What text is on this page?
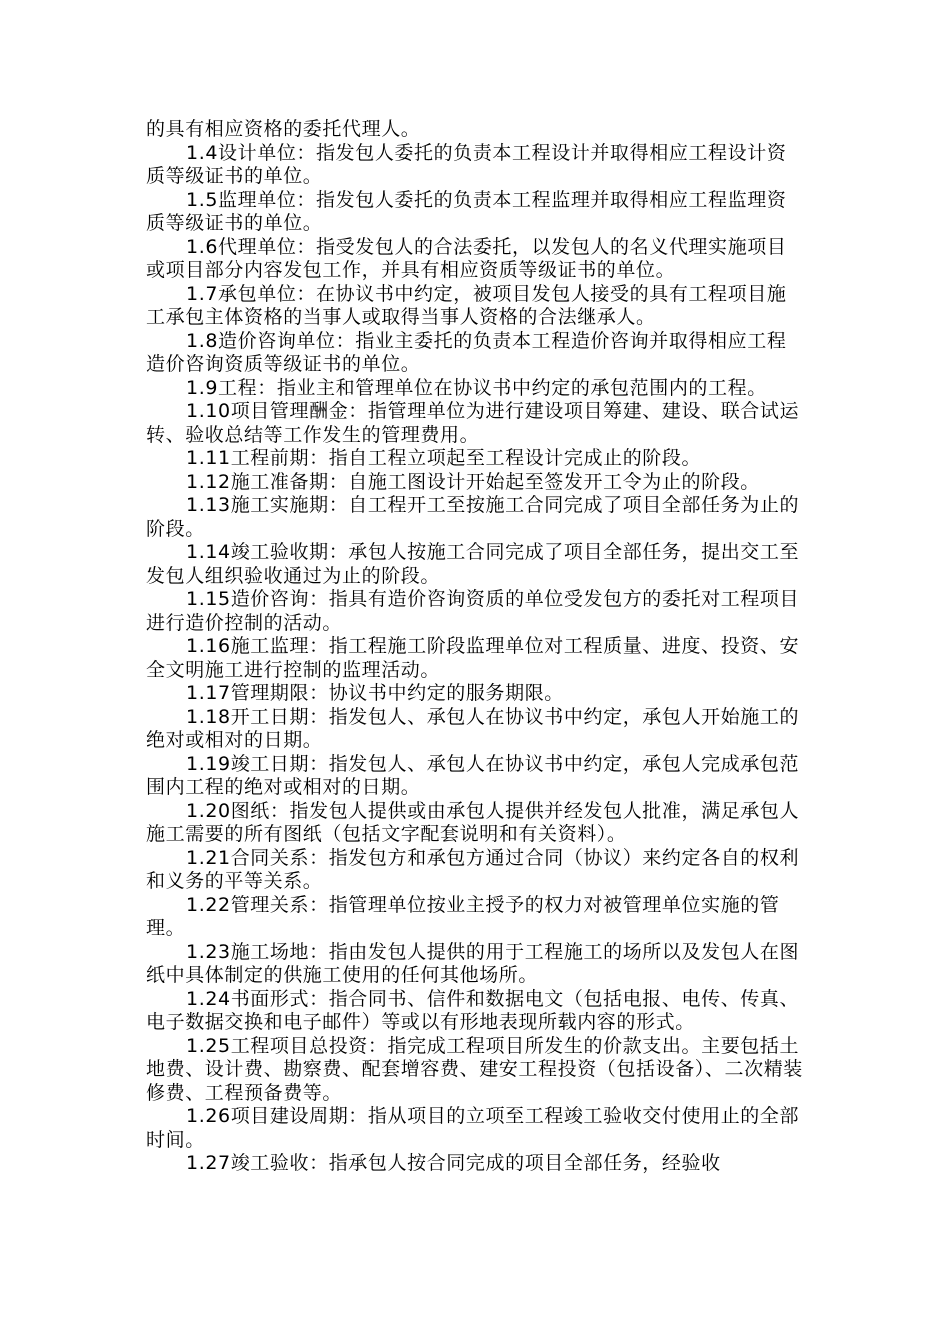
的具有相应资格的委托代理人。

1.4设计单位：指发包人委托的负责本工程设计并取得相应工程设计资质等级证书的单位。

1.5监理单位：指发包人委托的负责本工程监理并取得相应工程监理资质等级证书的单位。

1.6代理单位：指受发包人的合法委托，以发包人的名义代理实施项目或项目部分内容发包工作，并具有相应资质等级证书的单位。

1.7承包单位：在协议书中约定，被项目发包人接受的具有工程项目施工承包主体资格的当事人或取得当事人资格的合法继承人。

1.8造价咨询单位：指业主委托的负责本工程造价咨询并取得相应工程造价咨询资质等级证书的单位。

1.9工程：指业主和管理单位在协议书中约定的承包范围内的工程。

1.10项目管理酬金：指管理单位为进行建设项目筹建、建设、联合试运转、验收总结等工作发生的管理费用。

1.11工程前期：指自工程立项起至工程设计完成止的阶段。

1.12施工准备期：自施工图设计开始起至签发开工令为止的阶段。

1.13施工实施期：自工程开工至按施工合同完成了项目全部任务为止的阶段。

1.14竣工验收期：承包人按施工合同完成了项目全部任务，提出交工至发包人组织验收通过为止的阶段。

1.15造价咨询：指具有造价咨询资质的单位受发包方的委托对工程项目进行造价控制的活动。

1.16施工监理：指工程施工阶段监理单位对工程质量、进度、投资、安全文明施工进行控制的监理活动。

1.17管理期限：协议书中约定的服务期限。

1.18开工日期：指发包人、承包人在协议书中约定，承包人开始施工的绝对或相对的日期。

1.19竣工日期：指发包人、承包人在协议书中约定，承包人完成承包范围内工程的绝对或相对的日期。

1.20图纸：指发包人提供或由承包人提供并经发包人批准，满足承包人施工需要的所有图纸（包括文字配套说明和有关资料）。

1.21合同关系：指发包方和承包方通过合同（协议）来约定各自的权利和义务的平等关系。

1.22管理关系：指管理单位按业主授予的权力对被管理单位实施的管理。

1.23施工场地：指由发包人提供的用于工程施工的场所以及发包人在图纸中具体制定的供施工使用的任何其他场所。

1.24书面形式：指合同书、信件和数据电文（包括电报、电传、传真、电子数据交换和电子邮件）等或以有形地表现所载内容的形式。

1.25工程项目总投资：指完成工程项目所发生的价款支出。主要包括土地费、设计费、勘察费、配套增容费、建安工程投资（包括设备）、二次精装修费、工程预备费等。

1.26项目建设周期：指从项目的立项至工程竣工验收交付使用止的全部时间。

1.27竣工验收：指承包人按合同完成的项目全部任务，经验收
